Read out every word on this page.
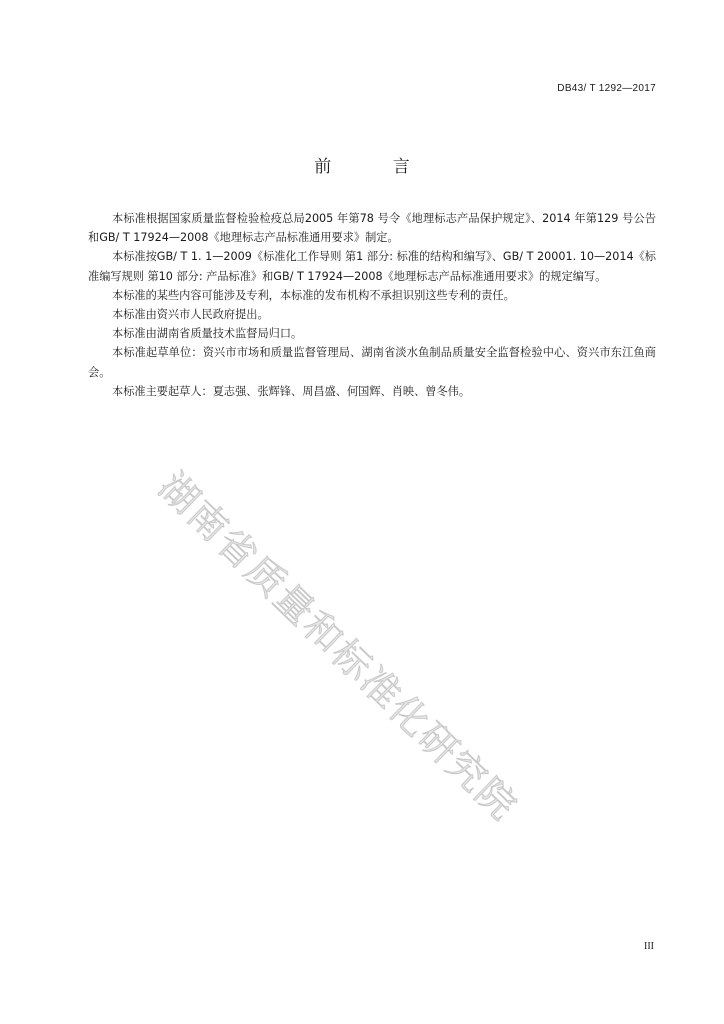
DB43/ T 1292—2017
前 言

本标准根据国家质量监督检验检疫总局2005 年第78 号令《地理标志产品保护规定》、2014 年第129 号公告和GB/ T 17924—2008《地理标志产品标准通用要求》制定。

本标准按GB/ T 1. 1—2009《标准化工作导则 第1 部分: 标准的结构和编写》、GB/ T 20001. 10—2014《标准编写规则 第10 部分: 产品标准》和GB/ T 17924—2008《地理标志产品标准通用要求》的规定编写。

本标准的某些内容可能涉及专利，本标准的发布机构不承担识别这些专利的责任。

本标准由资兴市人民政府提出。

本标准由湖南省质量技术监督局归口。

本标准起草单位：资兴市市场和质量监督管理局、湖南省淡水鱼制品质量安全监督检验中心、资兴市东江鱼商会。

本标准主要起草人：夏志强、张辉锋、周昌盛、何国辉、肖映、曾冬伟。

湖南省质量和标准化研究院
III
